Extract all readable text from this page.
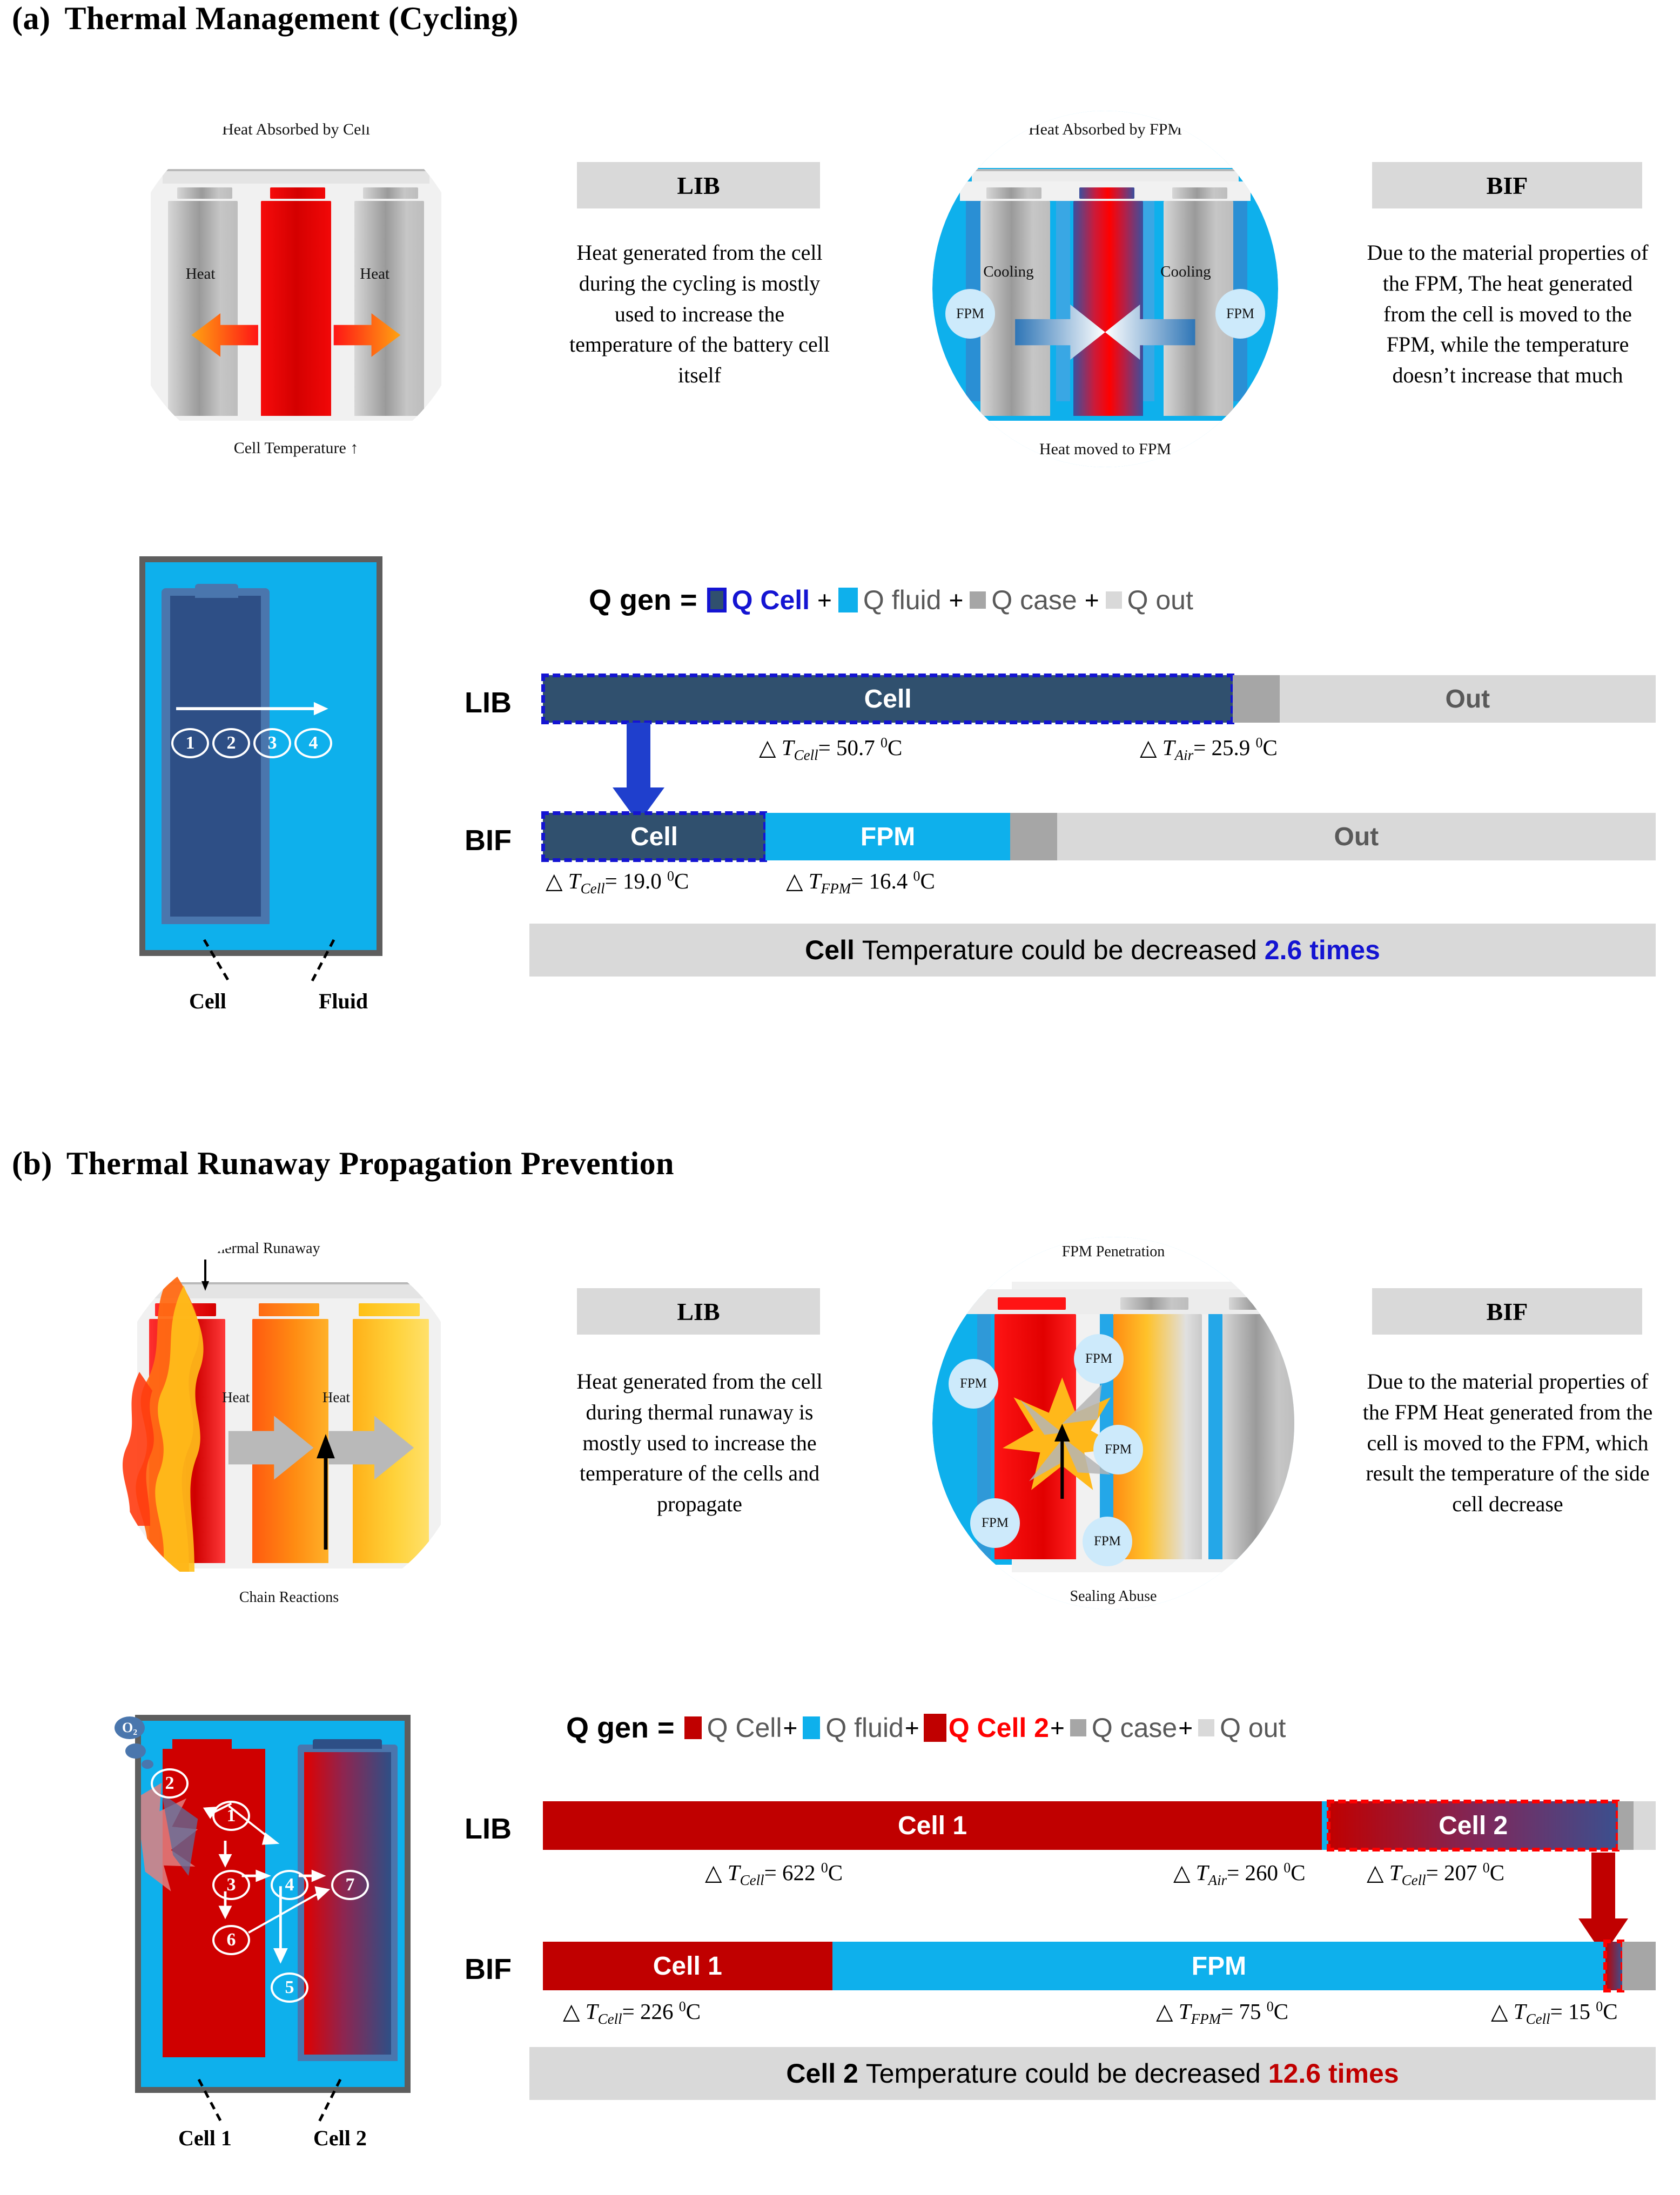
(a) Thermal Management (Cycling)
Heat Absorbed by Cell
Heat	Heat
Cell Temperature ↑
LIB
Heat generated from the cell during the cycling is mostly used to increase the temperature of the battery cell itself
Heat Absorbed by FPM
Cooling	Cooling
FPM	FPM
Heat moved to FPM
BIF
Due to the material properties of the FPM, The heat generated from the cell is moved to the FPM, while the temperature doesn’t increase that much
1	2	3	4
Cell	Fluid
Q gen = Q Cell + Q fluid + Q case + Q out
LIB	Cell	Out
△ $T_{Cell}= 50.7$ $^0$C	△ $T_{Air}= 25.9$ $^0$C
BIF	Cell	FPM	Out
△ $T_{Cell}= 19.0$ $^0$C	△ $T_{FPM}= 16.4$ $^0$C
Cell
Temperature could be decreased 2.6 times
(b) Thermal Runaway Propagation Prevention
Heat	Heat
Thermal Runaway
Chain Reactions
LIB
Heat generated from the cell during thermal runaway is mostly used to increase the temperature of the cells and propagate
FPM Penetration
FPM
FPM
FPM
FPM
FPM
Sealing Abuse
BIF
Due to the material properties of the FPM Heat generated from the cell is moved to the FPM, which result the temperature of the side cell decrease
1
2
3	4
5
6
7
O₂
Cell 1	Cell 2
Q gen = Q Cell + Q fluid + Q Cell 2 + Q case + Q out
LIB	Cell 1	Cell 2
△ $T_{Cell}= 622$ $^0$C	△ $T_{Air}= 260$ $^0$C	△ $T_{Cell}= 207$ $^0$C
BIF	Cell 1	FPM
△ $T_{Cell}= 226$ $^0$C	△ $T_{FPM}= 75$ $^0$C	△ $T_{Cell}= 15$ $^0$C
Cell 2
Temperature could be decreased 12.6 times
